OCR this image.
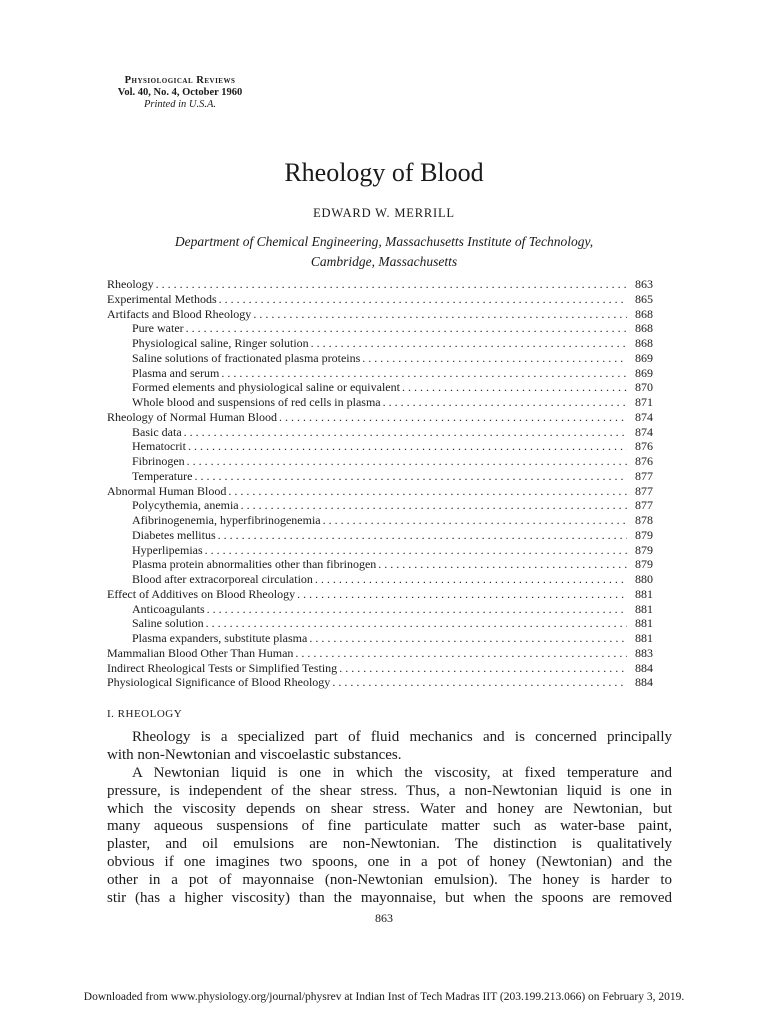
Physiological Reviews
Vol. 40, No. 4, October 1960
Printed in U.S.A.
Rheology of Blood
EDWARD W. MERRILL
Department of Chemical Engineering, Massachusetts Institute of Technology,
Cambridge, Massachusetts
Rheology . . .	863
Experimental Methods . . .	865
Artifacts and Blood Rheology . . .	868
Pure water . . .	868
Physiological saline, Ringer solution . . .	868
Saline solutions of fractionated plasma proteins . . .	869
Plasma and serum . . .	869
Formed elements and physiological saline or equivalent . . .	870
Whole blood and suspensions of red cells in plasma . . .	871
Rheology of Normal Human Blood . . .	874
Basic data . . .	874
Hematocrit . . .	876
Fibrinogen . . .	876
Temperature . . .	877
Abnormal Human Blood . . .	877
Polycythemia, anemia . . .	877
Afibrinogenemia, hyperfibrinogenemia . . .	878
Diabetes mellitus . . .	879
Hyperlipemias . . .	879
Plasma protein abnormalities other than fibrinogen . . .	879
Blood after extracorporeal circulation . . .	880
Effect of Additives on Blood Rheology . . .	881
Anticoagulants . . .	881
Saline solution . . .	881
Plasma expanders, substitute plasma . . .	881
Mammalian Blood Other Than Human . . .	883
Indirect Rheological Tests or Simplified Testing . . .	884
Physiological Significance of Blood Rheology . . .	884
I. RHEOLOGY
Rheology is a specialized part of fluid mechanics and is concerned principally
with non-Newtonian and viscoelastic substances.
A Newtonian liquid is one in which the viscosity, at fixed temperature and
pressure, is independent of the shear stress. Thus, a non-Newtonian liquid is one in
which the viscosity depends on shear stress. Water and honey are Newtonian, but
many aqueous suspensions of fine particulate matter such as water-base paint,
plaster, and oil emulsions are non-Newtonian. The distinction is qualitatively
obvious if one imagines two spoons, one in a pot of honey (Newtonian) and the
other in a pot of mayonnaise (non-Newtonian emulsion). The honey is harder to
stir (has a higher viscosity) than the mayonnaise, but when the spoons are removed
863
Downloaded from www.physiology.org/journal/physrev at Indian Inst of Tech Madras IIT (203.199.213.066) on February 3, 2019.
